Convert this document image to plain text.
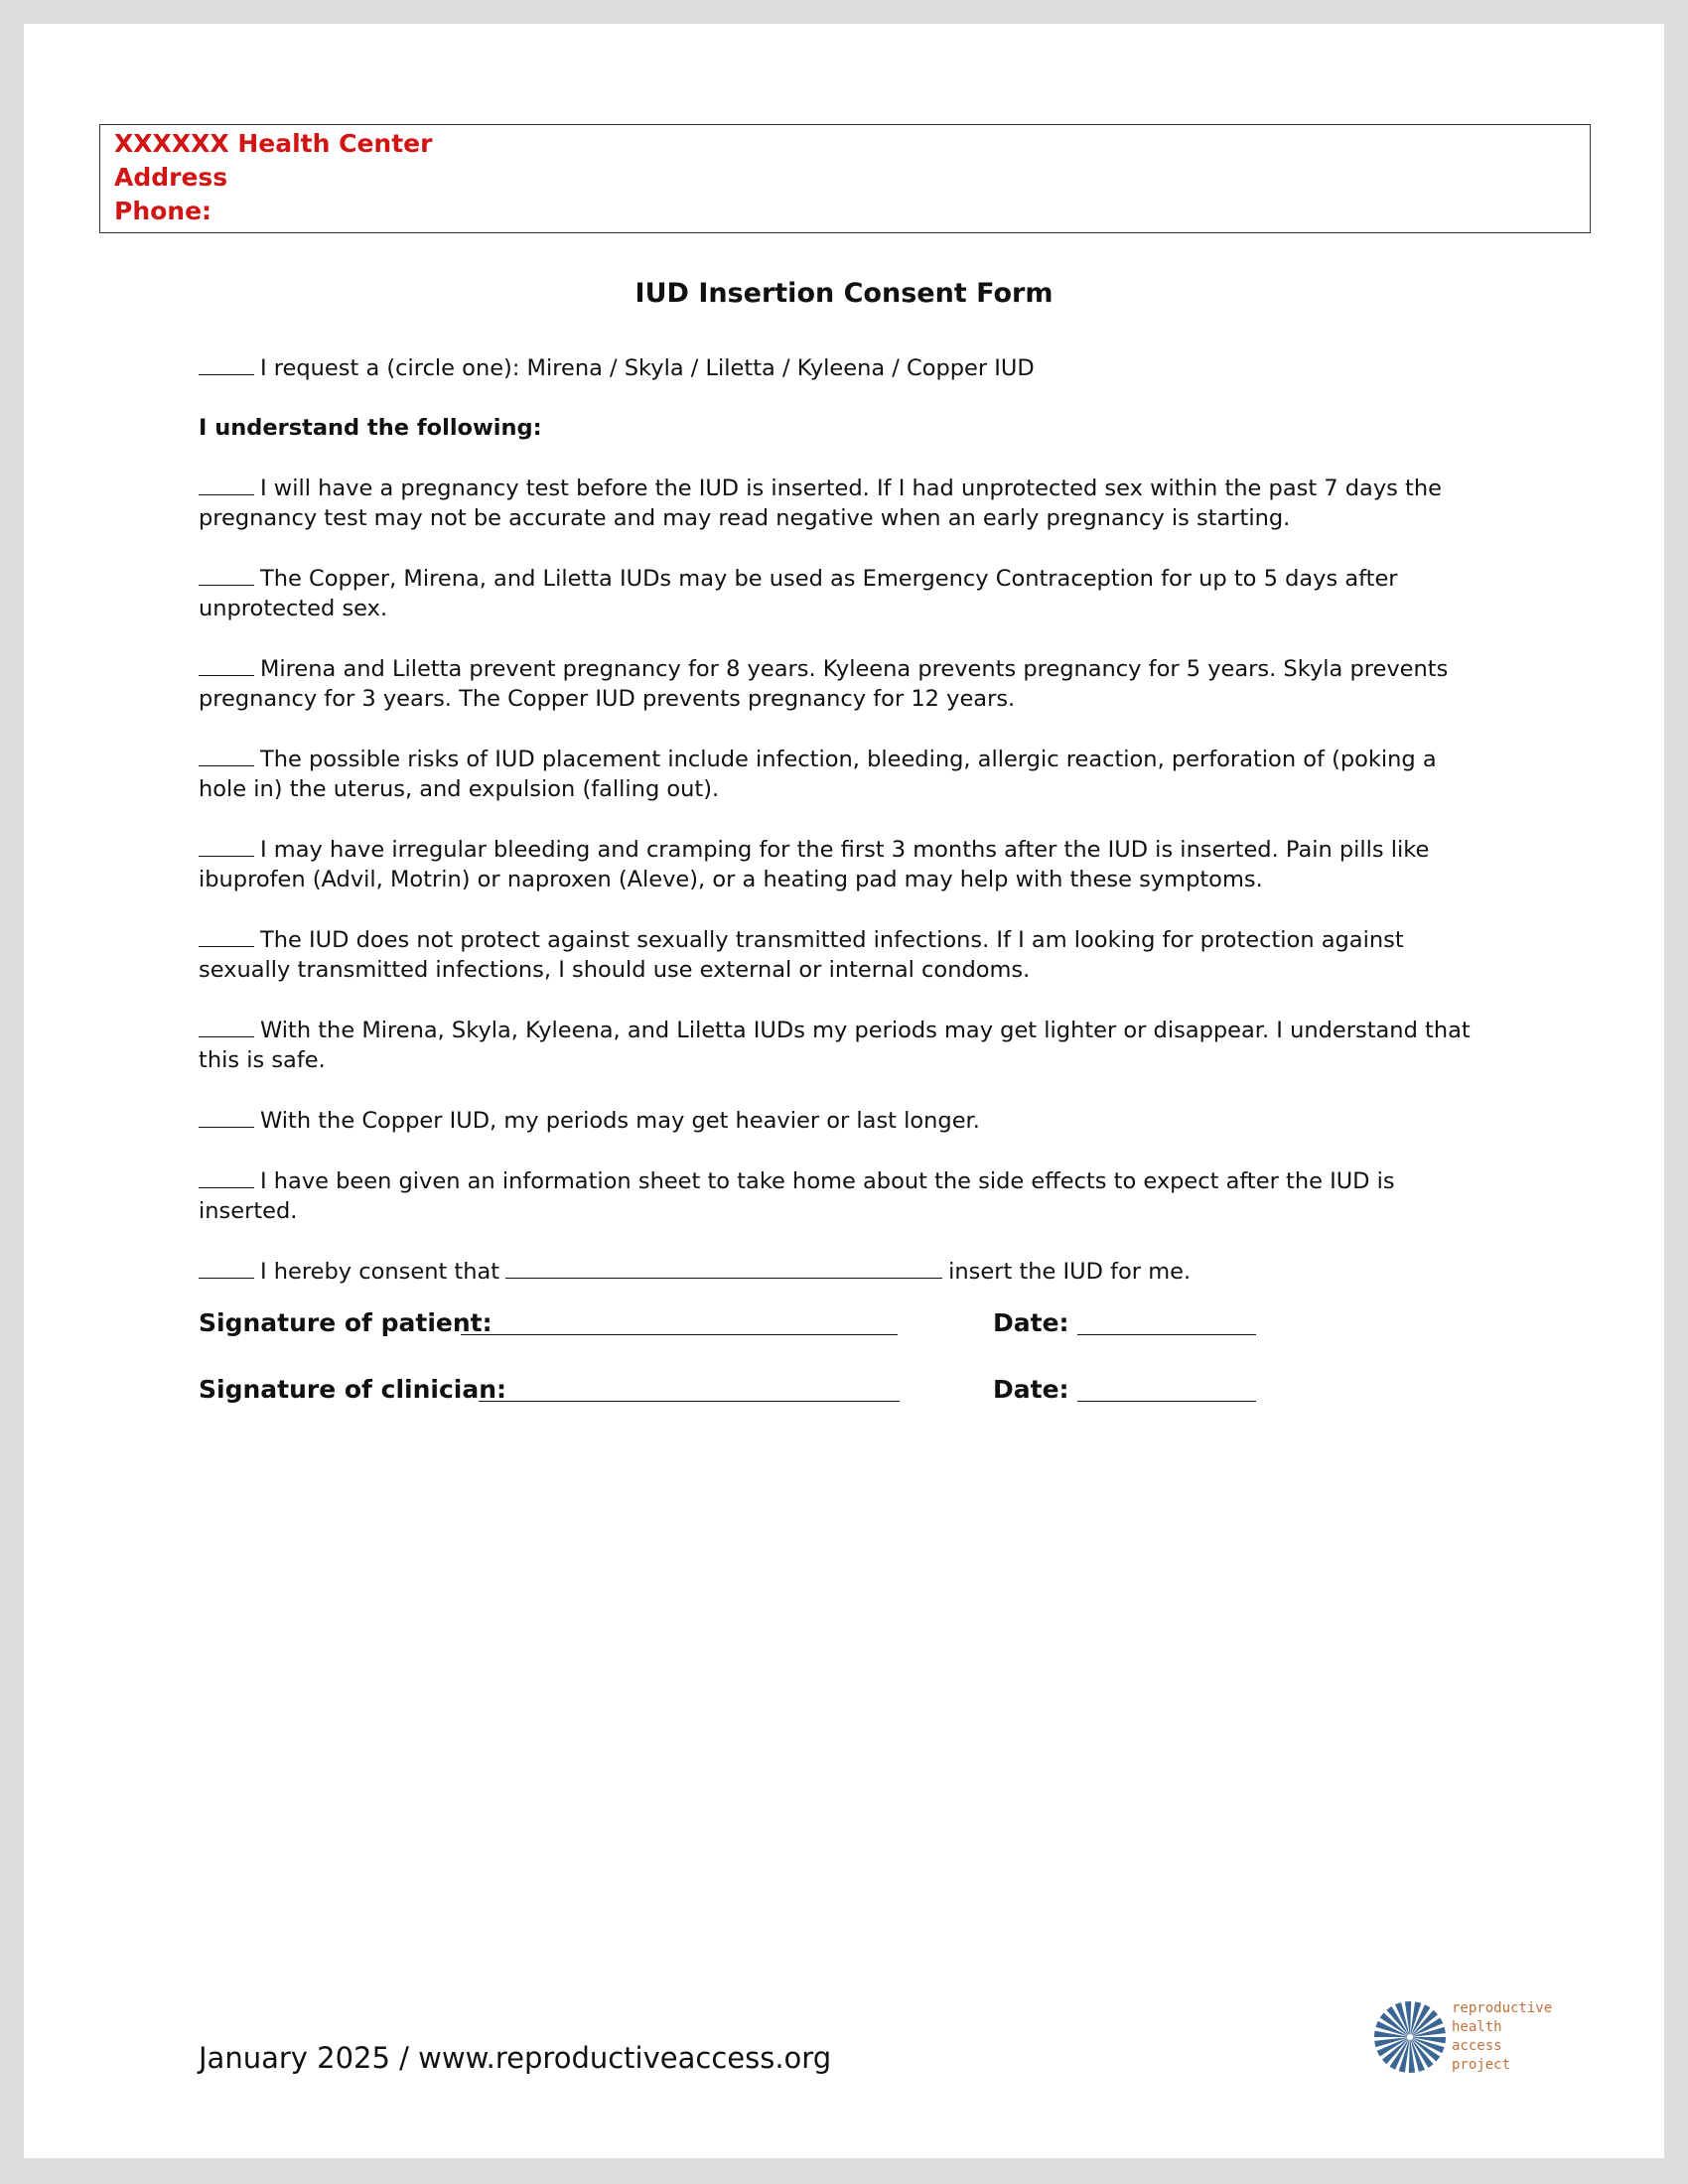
XXXXXX Health Center
Address
Phone:
IUD Insertion Consent Form
I request a (circle one): Mirena / Skyla / Liletta / Kyleena / Copper IUD
I understand the following:
I will have a pregnancy test before the IUD is inserted. If I had unprotected sex within the past 7 days the pregnancy test may not be accurate and may read negative when an early pregnancy is starting.
The Copper, Mirena, and Liletta IUDs may be used as Emergency Contraception for up to 5 days after unprotected sex.
Mirena and Liletta prevent pregnancy for 8 years. Kyleena prevents pregnancy for 5 years. Skyla prevents pregnancy for 3 years. The Copper IUD prevents pregnancy for 12 years.
The possible risks of IUD placement include infection, bleeding, allergic reaction, perforation of (poking a hole in) the uterus, and expulsion (falling out).
I may have irregular bleeding and cramping for the first 3 months after the IUD is inserted. Pain pills like ibuprofen (Advil, Motrin) or naproxen (Aleve), or a heating pad may help with these symptoms.
The IUD does not protect against sexually transmitted infections. If I am looking for protection against sexually transmitted infections, I should use external or internal condoms.
With the Mirena, Skyla, Kyleena, and Liletta IUDs my periods may get lighter or disappear. I understand that this is safe.
With the Copper IUD, my periods may get heavier or last longer.
I have been given an information sheet to take home about the side effects to expect after the IUD is inserted.
I hereby consent that	insert the IUD for me.
Signature of patient:	Date:
Signature of clinician:	Date:
January 2025 / www.reproductiveaccess.org
reproductive
health
access
project
